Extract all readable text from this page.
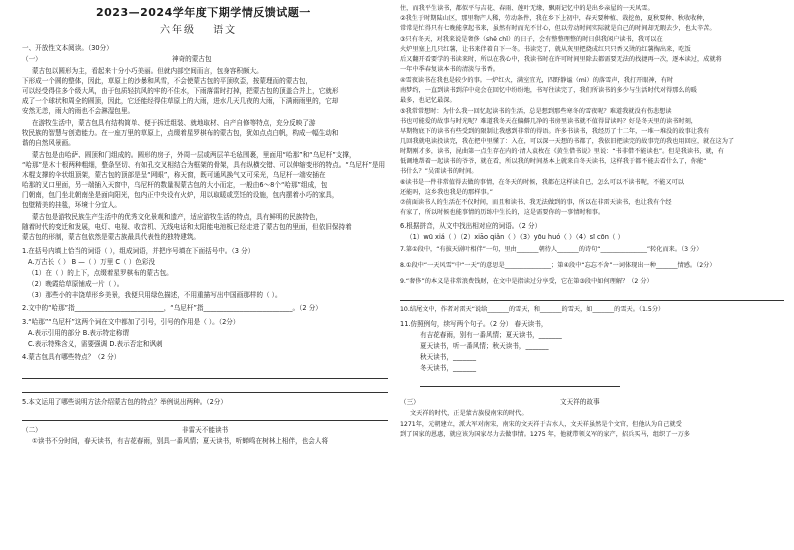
2023—2024学年度下期学情反馈试题一
六年级　 语文
一、开放性文本阅读。（30分）
（一）	神奇的蒙古包
蒙古包以圆形为主，看起来十分小巧美丽。但就内部空间而言，包身容积颇大。
下形成一个圆的整体，因此，草原上的沙暴和风雪，不会使蒙古包的平顶吹歪，按蒙理而的蒙古包，
可以经受得住多个级大风，由于包质轻抗风的牢的不住水，下雨落雷时打掉，把蒙古包的顶盖合并上，它就形
成了一个球状和周全的圆顶，因此，它还能经得住草原上的大雨，进水几天几夜的大雨，下满雨雨里的，它却
安然无恙，雨大的雨也不会淋湿包里。
在游牧生活中，蒙古包具有结构简单、便于拆迁组装、就地取材、自产自修等特点，充分反映了游
牧民族的智慧与创造能力。在一座万里的草原上，点缀着星罗棋布的蒙古包，犹如点点白帆，构成一幅生动和
谐的自然风景画。
蒙古包是由哈萨、圆顶和门组成的。圆形的房子，外周一层或两层羊毛毡围裹，里面用“哈那”和“乌尼杆”支撑，
“哈那”是木十根两种粗细，整条坚切、有如孔交叉相结合为框架的骨架，具有纵横交错、可以伸缩变形的特点。“乌尼杆”是用
木棍支撑的伞状组顶架，蒙古包的顶部是呈“网眼”，称天窗，既可通风换气又可采光，乌尼杆一端安插在
哈那的叉口里面，另一端插入天窗中，乌尼杆的数量视蒙古包的大小而定，一般由6～8个“哈那”组成，包
门朝南，包门坐北朝南坐是面向阳光，包内正中央设有火炉，用以取暖或烹饪的设施，包内摆着小巧的家具，
包壁精美的挂毯，环境十分宜人。
蒙古包是游牧民族生产生活中的优秀文化景观和遗产，适应游牧生活的特点，具有鲜明的民族特色，
随着时代的变迁和发展，电灯、电视、收音机、无线电话和太阳能电池板已经走进了蒙古包的里面，但依旧保持着
蒙古包的形制，蒙古包依然是蒙古族最具代表性的独特建筑。
1.在括号内填上恰当的词语（ ），组成词语，并把序号填在下面括号中。（3 分）
A.万古长（ ） B —（ ）万里 C（ ）色彩没
（1）在（ ）的上下，点缀着星罗棋布的蒙古包。
（2）晚霞给草原铺成一片（ ）。
（3）那些小的丰饶草形乡美景，我便只用绿色描述，不用重描写出中国画那样的（ ）。
2.文中的“哈那”指___________________________，“乌尼杆”指___________________________。（2 分）
3.“哈那”“乌尼杆”这两个词在文中都加了引号，引号的作用是（ ）。（2分）
A.表示引用的部分 B.表示特定称谓
C.表示特殊含义，需要强调 D.表示否定和讽刺
4.蒙古包具有哪些特点？（2 分）
5.本文运用了哪些说明方法介绍蒙古包的特点？举例说出两种。（2分）
（二）	非雷天不能读书
①读书不分时间，春天读书，有吉花春雨，别具一番风情；夏天读书，听蝉鸣在树林上相伴，也会人将
住，而我平生读书，都似平与吉花、春雨、莲叶无缘，飘雨记忆中的是出乡亲屋的一天风雪。
②我生于时期陆山区，那里物产人稀，劳动条件，我在乡下上初中，春天要种植、栽挖鱼，夏秋要种、秋收收种，
常常是忙得只有七晚能拿起书来，虽然有时而光不甘心，但以劳动时间实际就是自己的时间却无暇去少，也太辛苦。
③只有冬天，对我来说是奢侈（shē chǐ）的日子，会有整整理整的时日供我闲户读书，我可以在
火炉里塞上几只红薯，让书来伴着自下一冬。书读完了，就从灰里把烧成红只只香又烫的红薯掏出来，吃饭
后又翻开看要学的书读来时，所以在我心中，我读书时在许可时间里除去都需要无法的找捷再一次，逐本读过，成就将
一年中季春复读本书的清淡与书香。
④雪夜读书在我也是较少的事。一炉红火，满室宜光，四野静谧（mì）的落雪声，我打开眼神，有时
南梦约，一直到读书到洋中竟会在回忆中纷纷地，书写往读完了，我们所读书的多少与生活时代对得那么的暖
最多，也记忆最深。
⑤我常常想时：为什么我一回忆起读书的生活，总是想到那些寒冬的雪夜呢？难道我就没有伤悲想读
书也可能爱的故事与时光呢？难道我冬天在偏僻几净的书房里读书就不值得冒读吗？好是冬天里的读书时刻，
早期物底下的读书有些受到的限制让我感到非常的得语。许多书读书，我经历了十二年，一堆一堆没的故事让我有
几回我就电读投读完，我在把中里懂了：入在，可以深一天想的书都了，我依旧把读完的故事完的我也用回应，就在这为了
时期刚才多，读书，昆曲第一点生存在内的·清人袁枚在《黄生借书说》里说：“书非借不能读也”。但是我读书，就，有
低调地帮着一起读书的爷爷，就在看，所以我的时间基本上就来自冬天读书，这样我于都不能去看什么了，你能“
书什么？”吴雷读书的时间。
⑥读书是一件非常值得去做的事情，在冬天的时候，我都在这样读自已，怎么可以不读书呢，不能又可以
还能吗，这乡我也我是的那样事。”
⑦前面读书人的生活在不仅时间，而且和读书、我无法做到的事，所以在非雷天读书，也让我有个经
有家了，所以时候也能事情的历练中生长的，这是需要你的一事情时和事。
6.根据拼音，从文中找出相对应的词语。（2 分）
（1）wū xiá（ ）（2）xiāo qiǎn（ ）（3）yōu huó（ ）（4）sī cōn（ ）
7.第①段中，“有拔天剧叶相伴”一句，里由_______朝待人_______的诗句“_______________”转化而来。（3 分）
8.①段中“一天风雪”中“一天”的意思是_______________；第④段中“忘忘不舍”一词体现出一种_______情感。（2分）
9.“奢侈”的本义是非常浪费钱财，在文中是指读过分享受，它在第③段中如何理解？（2 分）
10.结尾文中，作者对雷天“说给_______的雪天，和_______的雪天，如_______的雪天。（1.5分）
11.仿照例句，续写两个句子。（2 分） 春天读书，
有吉花春雨，别有一番风情；夏天读书，_______
夏天读书，听一番风情；秋天读书，_______
秋天读书，_______
冬天读书，_______
（三）	文天祥的故事
文天祥的时代，正是蒙古族侵南宋的时代。
1271年，元朝建立，派大军对南宋，南宋的文天祥于吉水人，文天祥虽然是个文官，但他认为自己就受
到了国家的恩惠，就应该为国家尽力去做事情。1275 年，他就带领义军的家产，招兵买马，组织了一万多
